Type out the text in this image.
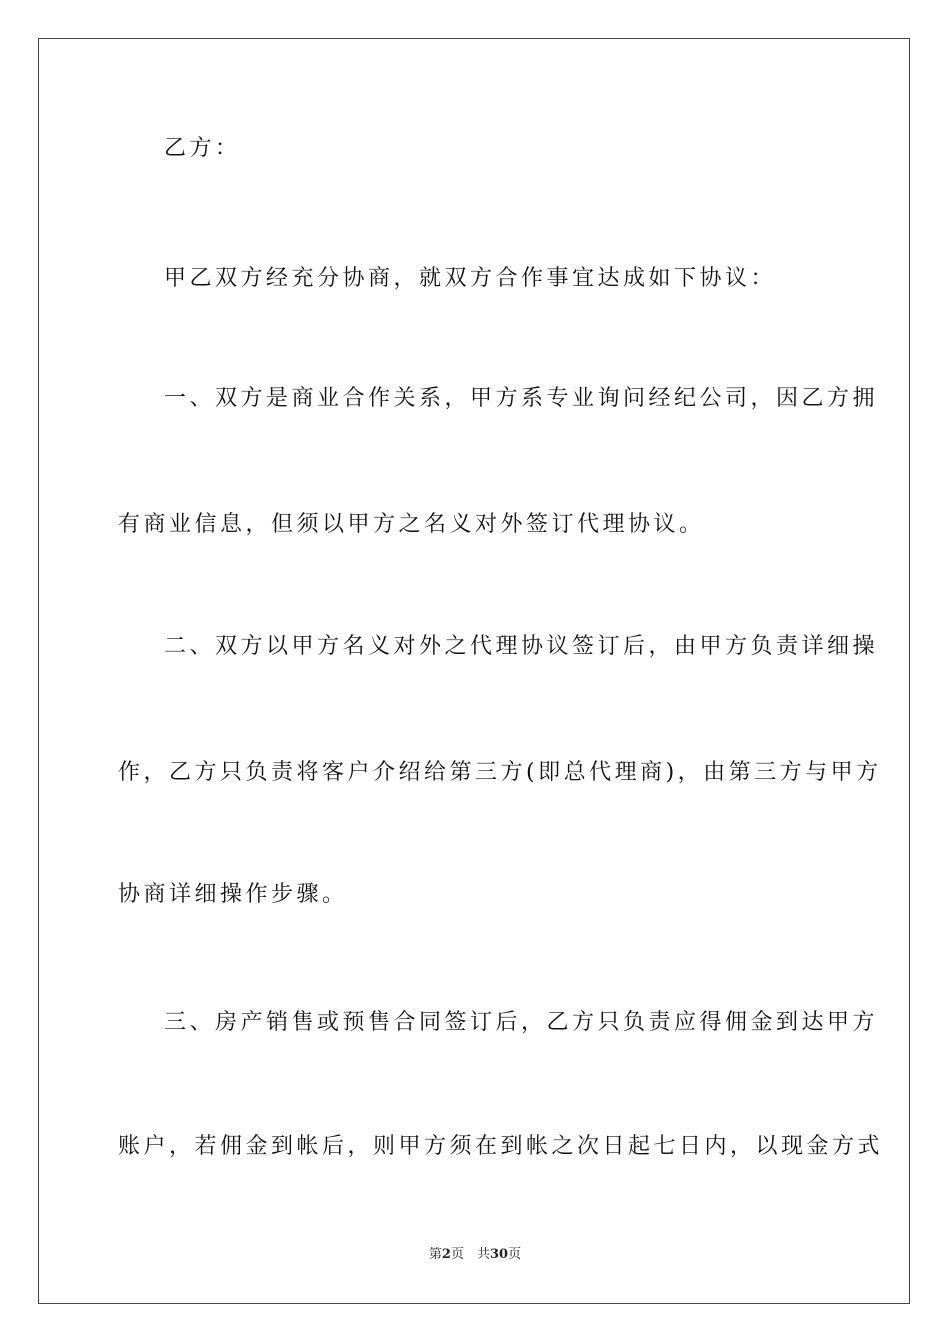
乙方：
甲乙双方经充分协商，就双方合作事宜达成如下协议：
一、双方是商业合作关系，甲方系专业询问经纪公司，因乙方拥
有商业信息，但须以甲方之名义对外签订代理协议。
二、双方以甲方名义对外之代理协议签订后，由甲方负责详细操
作，乙方只负责将客户介绍给第三方(即总代理商)，由第三方与甲方
协商详细操作步骤。
三、房产销售或预售合同签订后，乙方只负责应得佣金到达甲方
账户，若佣金到帐后，则甲方须在到帐之次日起七日内，以现金方式
第2页　共30页
